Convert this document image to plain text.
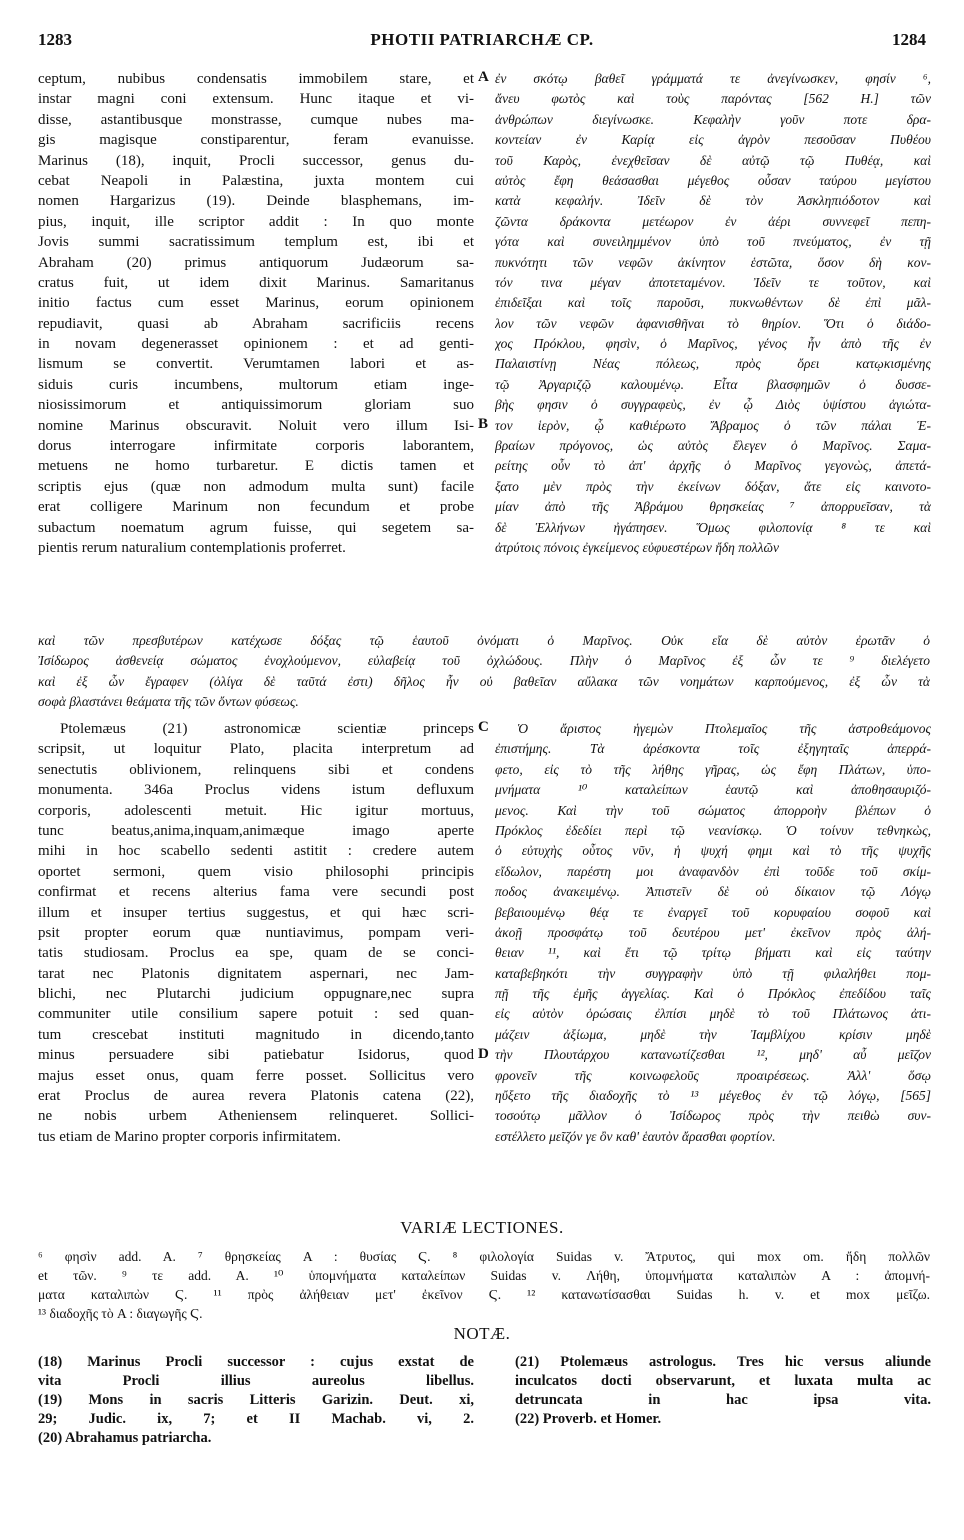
1283	PHOTII PATRIARCHÆ CP.	1284
ceptum, nubibus condensatis immobilem stare, et
instar magni coni extensum. Hunc itaque et vi-
disse, astantibusque monstrasse, cumque nubes ma-
gis magisque constiparentur, feram evanuisse.
Marinus (18), inquit, Procli successor, genus du-
cebat Neapoli in Palæstina, juxta montem cui
nomen Hargarizus (19). Deinde blasphemans, im-
pius, inquit, ille scriptor addit : In quo monte
Jovis summi sacratissimum templum est, ibi et
Abraham (20) primus antiquorum Judæorum sa-
cratus fuit, ut idem dixit Marinus. Samaritanus
initio factus cum esset Marinus, eorum opinionem
repudiavit, quasi ab Abraham sacrificiis recens
in novam degenerasset opinionem : et ad genti-
lismum se convertit. Verumtamen labori et as-
siduis curis incumbens, multorum etiam inge-
niosissimorum et antiquissimorum gloriam suo
nomine Marinus obscuravit. Noluit vero illum Isi-
dorus interrogare infirmitate corporis laborantem,
metuens ne homo turbaretur. E dictis tamen et
scriptis ejus (quæ non admodum multa sunt) facile
erat colligere Marinum non fecundum et probe
subactum noematum agrum fuisse, qui segetem sa-
pientis rerum naturalium contemplationis proferret.
ἐν σκότῳ βαθεῖ γράμματά τε ἀνεγίνωσκεν, φησίν ⁶,
ἄνευ φωτὸς καὶ τοὺς παρόντας [562 H.] τῶν
ἀνθρώπων διεγίνωσκε. Κεφαλὴν γοῦν ποτε δρα-
κοντείαν ἐν Καρίᾳ εἰς ἀγρὸν πεσοῦσαν Πυθέου
τοῦ Καρὸς, ἐνεχθεῖσαν δὲ αὐτῷ τῷ Πυθέᾳ, καὶ
αὐτὸς ἔφη θεάσασθαι μέγεθος οὖσαν ταύρου μεγίστου
κατὰ κεφαλήν. Ἰδεῖν δὲ τὸν Ἀσκληπιόδοτον καὶ
ζῶντα δράκοντα μετέωρον ἐν ἀέρι συννεφεῖ πεπη-
γότα καὶ συνειλημμένον ὑπὸ τοῦ πνεύματος, ἐν τῇ
πυκνότητι τῶν νεφῶν ἀκίνητον ἑστῶτα, ὅσον δὴ κον-
τόν τινα μέγαν ἀποτεταμένον. Ἰδεῖν τε τοῦτον, καὶ
ἐπιδεῖξαι καὶ τοῖς παροῦσι, πυκνωθέντων δὲ ἐπὶ μᾶλ-
λον τῶν νεφῶν ἀφανισθῆναι τὸ θηρίον. Ὅτι ὁ διάδο-
χος Πρόκλου, φησὶν, ὁ Μαρῖνος, γένος ἦν ἀπὸ τῆς ἐν
Παλαιστίνῃ Νέας πόλεως, πρὸς ὄρει κατῳκισμένης
τῷ Ἀργαριζῷ καλουμένῳ. Εἶτα βλασφημῶν ὁ δυσσε-
βὴς φησιν ὁ συγγραφεὺς, ἐν ᾧ Διὸς ὑψίστου ἁγιώτα-
τον ἱερὸν, ᾧ καθιέρωτο Ἄβραμος ὁ τῶν πάλαι Ἑ-
βραίων πρόγονος, ὡς αὐτὸς ἔλεγεν ὁ Μαρῖνος. Σαμα-
ρείτης οὖν τὸ ἀπ' ἀρχῆς ὁ Μαρῖνος γεγονὼς, ἀπετά-
ξατο μὲν πρὸς τὴν ἐκείνων δόξαν, ἅτε εἰς καινοτο-
μίαν ἀπὸ τῆς Ἀβράμου θρησκείας ⁷ ἀπορρυεῖσαν, τὰ
δὲ Ἑλλήνων ἠγάπησεν. Ὅμως φιλοπονίᾳ ⁸ τε καὶ
ἀτρύτοις πόνοις ἐγκείμενος εὐφυεστέρων ἤδη πολλῶν
A
B
καὶ τῶν πρεσβυτέρων κατέχωσε δόξας τῷ ἑαυτοῦ ὀνόματι ὁ Μαρῖνος. Οὐκ εἴα δὲ αὐτὸν ἐρωτᾶν ὁ
Ἰσίδωρος ἀσθενείᾳ σώματος ἐνοχλούμενον, εὐλαβείᾳ τοῦ ὀχλώδους. Πλὴν ὁ Μαρῖνος ἐξ ὧν τε ⁹ διελέγετο
καὶ ἐξ ὧν ἔγραφεν (ὀλίγα δὲ ταῦτά ἐστι) δῆλος ἦν οὐ βαθεῖαν αὔλακα τῶν νοημάτων καρπούμενος, ἐξ ὧν τὰ
σοφὰ βλαστάνει θεάματα τῆς τῶν ὄντων φύσεως.
Ptolemæus (21) astronomicæ scientiæ princeps
scripsit, ut loquitur Plato, placita interpretum ad
senectutis oblivionem, relinquens sibi et condens
monumenta. 346a Proclus videns istum defluxum
corporis, adolescenti metuit. Hic igitur mortuus,
tunc beatus,anima,inquam,animæque imago aperte
mihi in hoc scabello sedenti astitit : credere autem
oportet sermoni, quem visio philosophi principis
confirmat et recens alterius fama vere secundi post
illum et insuper tertius suggestus, et qui hæc scri-
psit propter eorum quæ nuntiavimus, pompam veri-
tatis studiosam. Proclus ea spe, quam de se conci-
tarat nec Platonis dignitatem aspernari, nec Jam-
blichi, nec Plutarchi judicium oppugnare,nec supra
communiter utile consilium sapere potuit : sed quan-
tum crescebat instituti magnitudo in dicendo,tanto
minus persuadere sibi patiebatur Isidorus, quod
majus esset onus, quam ferre posset. Sollicitus vero
erat Proclus de aurea revera Platonis catena (22),
ne nobis urbem Atheniensem relinqueret. Sollici-
tus etiam de Marino propter corporis infirmitatem.
Ὁ ἄριστος ἡγεμὼν Πτολεμαῖος τῆς ἀστροθεάμονος
ἐπιστήμης. Τὰ ἀρέσκοντα τοῖς ἐξηγηταῖς ἀπερρά-
φετο, εἰς τὸ τῆς λήθης γῆρας, ὡς ἔφη Πλάτων, ὑπο-
μνήματα ¹⁰ καταλείπων ἑαυτῷ καὶ ἀποθησαυριζό-
μενος. Καὶ τὴν τοῦ σώματος ἀπορροὴν βλέπων ὁ
Πρόκλος ἐδεδίει περὶ τῷ νεανίσκῳ. Ὁ τοίνυν τεθνηκὼς,
ὁ εὐτυχὴς οὗτος νῦν, ἡ ψυχή φημι καὶ τὸ τῆς ψυχῆς
εἴδωλον, παρέστη μοι ἀναφανδὸν ἐπὶ τοῦδε τοῦ σκίμ-
ποδος ἀνακειμένῳ. Ἀπιστεῖν δὲ οὐ δίκαιον τῷ Λόγῳ
βεβαιουμένῳ θέᾳ τε ἐναργεῖ τοῦ κορυφαίου σοφοῦ καὶ
ἀκοῇ προσφάτῳ τοῦ δευτέρου μετ' ἐκεῖνον πρὸς ἀλή-
θειαν ¹¹, καὶ ἔτι τῷ τρίτῳ βήματι καὶ εἰς ταύτην
καταβεβηκότι τὴν συγγραφὴν ὑπὸ τῇ φιλαλήθει πομ-
πῇ τῆς ἐμῆς ἀγγελίας. Καὶ ὁ Πρόκλος ἐπεδίδου ταῖς
εἰς αὐτὸν ὁρώσαις ἐλπίσι μηδὲ τὸ τοῦ Πλάτωνος ἀτι-
μάζειν ἀξίωμα, μηδὲ τὴν Ἰαμβλίχου κρίσιν μηδὲ
τὴν Πλουτάρχου κατανωτίζεσθαι ¹², μηδ' αὖ μεῖζον
φρονεῖν τῆς κοινωφελοῦς προαιρέσεως. Ἀλλ' ὅσῳ
ηὔξετο τῆς διαδοχῆς τὸ ¹³ μέγεθος ἐν τῷ λόγῳ, [565]
τοσούτῳ μᾶλλον ὁ Ἰσίδωρος πρὸς τὴν πειθὼ συν-
εστέλλετο μεῖζόν γε ὂν καθ' ἑαυτὸν ἄρασθαι φορτίον.
C
D
VARIÆ LECTIONES.
⁶ φησὶν add. A. ⁷ θρησκείας A : θυσίας Ϛ. ⁸ φιλολογία Suidas v. Ἄτρυτος, qui mox om. ἤδη πολλῶν
et τῶν. ⁹ τε add. A. ¹⁰ ὑπομνήματα καταλείπων Suidas v. Λήθη, ὑπομνήματα καταλιπὼν A : ἀπομνή-
ματα καταλιπὼν Ϛ. ¹¹ πρὸς ἀλήθειαν μετ' ἐκεῖνον Ϛ. ¹² κατανωτίσασθαι Suidas h. v. et mox μεῖζω.
¹³ διαδοχῆς τὸ A : διαγωγῆς Ϛ.
NOTÆ.
(18) Marinus Procli successor : cujus exstat de
vita Procli illius aureolus libellus.
(19) Mons in sacris Litteris Garizin. Deut. xi,
29; Judic. ix, 7; et II Machab. vi, 2.
(20) Abrahamus patriarcha.
(21) Ptolemæus astrologus. Tres hic versus aliunde
inculcatos docti observarunt, et luxata multa ac
detruncata in hac ipsa vita.
(22) Proverb. et Homer.
